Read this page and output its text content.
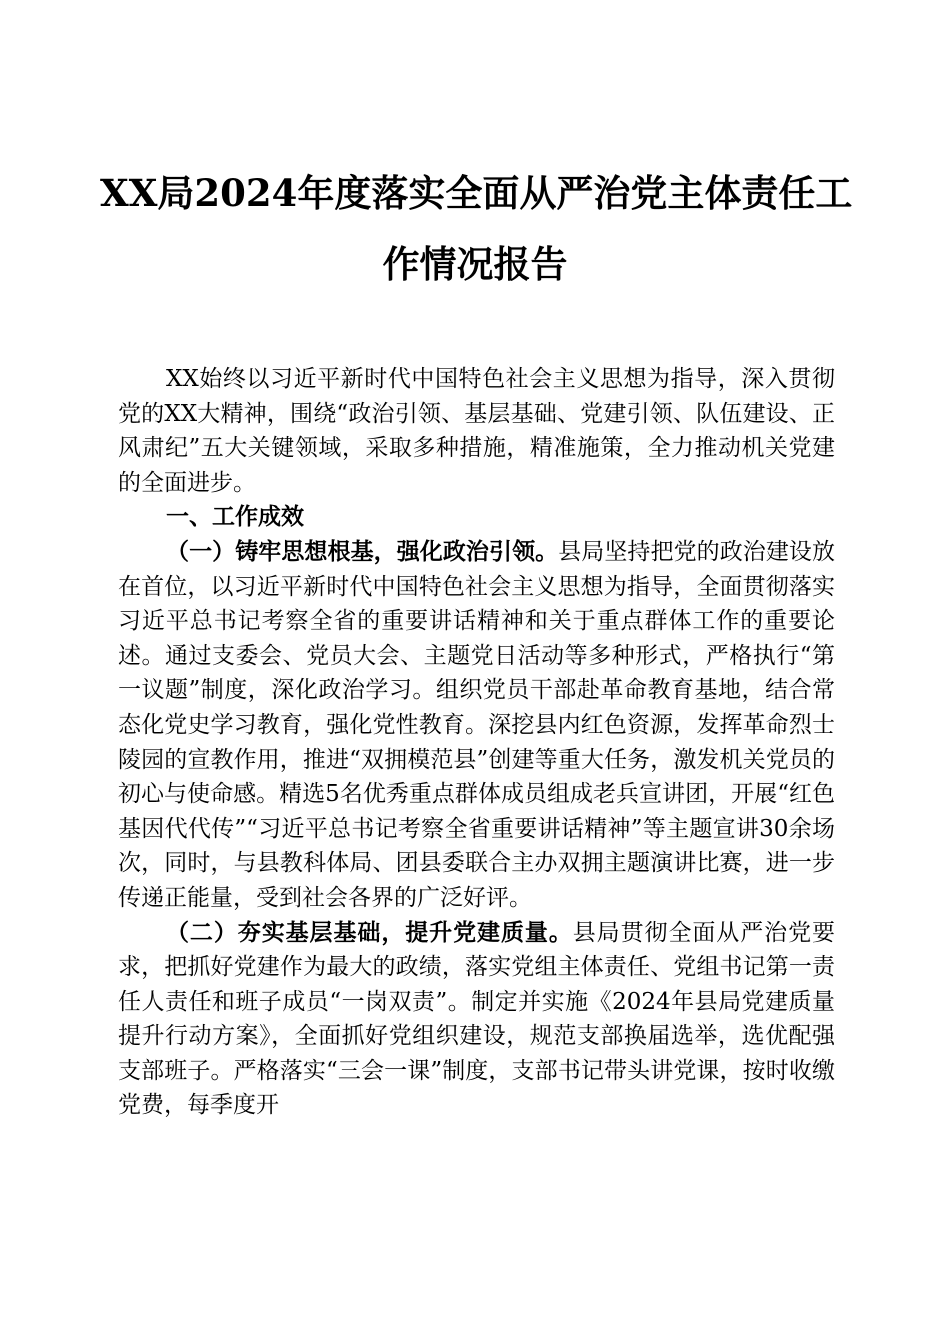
XX局2024年度落实全面从严治党主体责任工
作情况报告

XX始终以习近平新时代中国特色社会主义思想为指导，深入贯彻党的XX大精神，围绕“政治引领、基层基础、党建引领、队伍建设、正风肃纪”五大关键领域，采取多种措施，精准施策，全力推动机关党建的全面进步。

一、工作成效

（一）铸牢思想根基，强化政治引领。县局坚持把党的政治建设放在首位，以习近平新时代中国特色社会主义思想为指导，全面贯彻落实习近平总书记考察全省的重要讲话精神和关于重点群体工作的重要论述。通过支委会、党员大会、主题党日活动等多种形式，严格执行“第一议题”制度，深化政治学习。组织党员干部赴革命教育基地，结合常态化党史学习教育，强化党性教育。深挖县内红色资源，发挥革命烈士陵园的宣教作用，推进“双拥模范县”创建等重大任务，激发机关党员的初心与使命感。精选5名优秀重点群体成员组成老兵宣讲团，开展“红色基因代代传”“习近平总书记考察全省重要讲话精神”等主题宣讲30余场次，同时，与县教科体局、团县委联合主办双拥主题演讲比赛，进一步传递正能量，受到社会各界的广泛好评。

（二）夯实基层基础，提升党建质量。县局贯彻全面从严治党要求，把抓好党建作为最大的政绩，落实党组主体责任、党组书记第一责任人责任和班子成员“一岗双责”。制定并实施《2024年县局党建质量提升行动方案》，全面抓好党组织建设，规范支部换届选举，选优配强支部班子。严格落实“三会一课”制度，支部书记带头讲党课，按时收缴党费，每季度开
